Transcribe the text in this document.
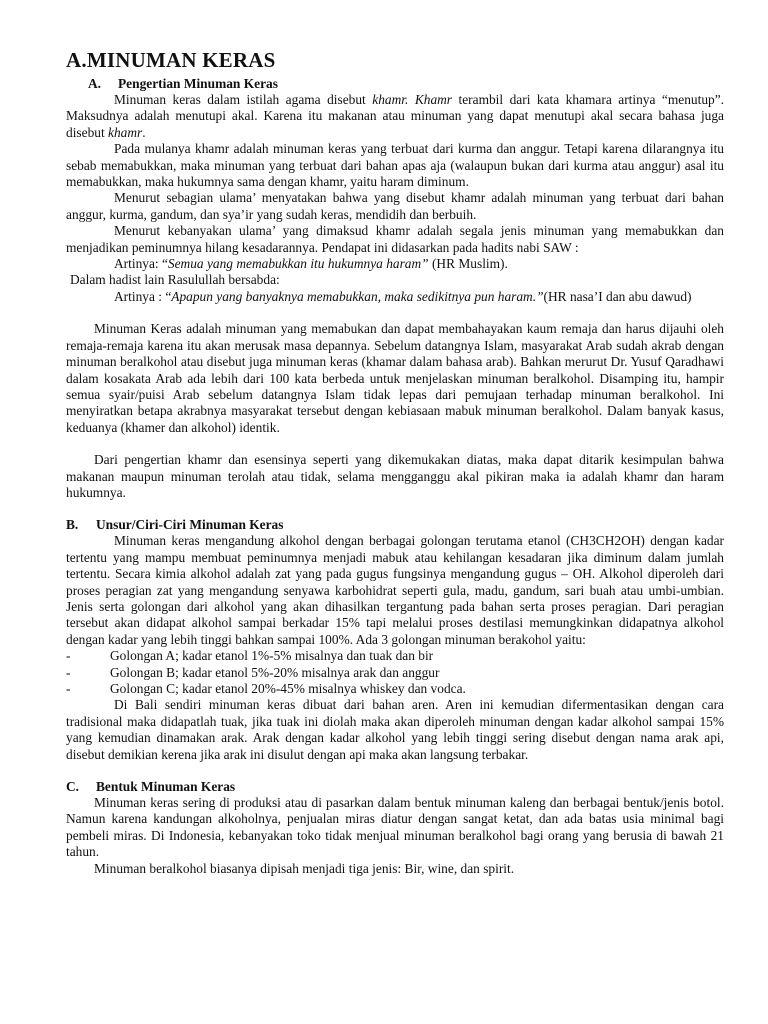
A.MINUMAN KERAS
A. Pengertian Minuman Keras

Minuman keras dalam istilah agama disebut khamr. Khamr terambil dari kata khamara artinya “menutup”. Maksudnya adalah menutupi akal. Karena itu makanan atau minuman yang dapat menutupi akal secara bahasa juga disebut khamr.

Pada mulanya khamr adalah minuman keras yang terbuat dari kurma dan anggur. Tetapi karena dilarangnya itu sebab memabukkan, maka minuman yang terbuat dari bahan apas aja (walaupun bukan dari kurma atau anggur) asal itu memabukkan, maka hukumnya sama dengan khamr, yaitu haram diminum.

Menurut sebagian ulama’ menyatakan bahwa yang disebut khamr adalah minuman yang terbuat dari bahan anggur, kurma, gandum, dan sya’ir yang sudah keras, mendidih dan berbuih.

Menurut kebanyakan ulama’ yang dimaksud khamr adalah segala jenis minuman yang memabukkan dan menjadikan peminumnya hilang kesadarannya. Pendapat ini didasarkan pada hadits nabi SAW :

Artinya: “Semua yang memabukkan itu hukumnya haram” (HR Muslim).

Dalam hadist lain Rasulullah bersabda:

Artinya : “Apapun yang banyaknya memabukkan, maka sedikitnya pun haram.”(HR nasa’I dan abu dawud)

Minuman Keras adalah minuman yang memabukan dan dapat membahayakan kaum remaja dan harus dijauhi oleh remaja-remaja karena itu akan merusak masa depannya. Sebelum datangnya Islam, masyarakat Arab sudah akrab dengan minuman beralkohol atau disebut juga minuman keras (khamar dalam bahasa arab). Bahkan merurut Dr. Yusuf Qaradhawi dalam kosakata Arab ada lebih dari 100 kata berbeda untuk menjelaskan minuman beralkohol. Disamping itu, hampir semua syair/puisi Arab sebelum datangnya Islam tidak lepas dari pemujaan terhadap minuman beralkohol. Ini menyiratkan betapa akrabnya masyarakat tersebut dengan kebiasaan mabuk minuman beralkohol. Dalam banyak kasus, keduanya (khamer dan alkohol) identik.

Dari pengertian khamr dan esensinya seperti yang dikemukakan diatas, maka dapat ditarik kesimpulan bahwa makanan maupun minuman terolah atau tidak, selama mengganggu akal pikiran maka ia adalah khamr dan haram hukumnya.

B. Unsur/Ciri-Ciri Minuman Keras

Minuman keras mengandung alkohol dengan berbagai golongan terutama etanol (CH3CH2OH) dengan kadar tertentu yang mampu membuat peminumnya menjadi mabuk atau kehilangan kesadaran jika diminum dalam jumlah tertentu. Secara kimia alkohol adalah zat yang pada gugus fungsinya mengandung gugus – OH. Alkohol diperoleh dari proses peragian zat yang mengandung senyawa karbohidrat seperti gula, madu, gandum, sari buah atau umbi-umbian. Jenis serta golongan dari alkohol yang akan dihasilkan tergantung pada bahan serta proses peragian. Dari peragian tersebut akan didapat alkohol sampai berkadar 15% tapi melalui proses destilasi memungkinkan didapatnya alkohol dengan kadar yang lebih tinggi bahkan sampai 100%. Ada 3 golongan minuman berakohol yaitu:

-	Golongan A; kadar etanol 1%-5% misalnya dan tuak dan bir
-	Golongan B; kadar etanol 5%-20% misalnya arak dan anggur
-	Golongan C; kadar etanol 20%-45% misalnya whiskey dan vodca.

Di Bali sendiri minuman keras dibuat dari bahan aren. Aren ini kemudian difermentasikan dengan cara tradisional maka didapatlah tuak, jika tuak ini diolah maka akan diperoleh minuman dengan kadar alkohol sampai 15% yang kemudian dinamakan arak. Arak dengan kadar alkohol yang lebih tinggi sering disebut dengan nama arak api, disebut demikian kerena jika arak ini disulut dengan api maka akan langsung terbakar.

C. Bentuk Minuman Keras

Minuman keras sering di produksi atau di pasarkan dalam bentuk minuman kaleng dan berbagai bentuk/jenis botol. Namun karena kandungan alkoholnya, penjualan miras diatur dengan sangat ketat, dan ada batas usia minimal bagi pembeli miras. Di Indonesia, kebanyakan toko tidak menjual minuman beralkohol bagi orang yang berusia di bawah 21 tahun.

Minuman beralkohol biasanya dipisah menjadi tiga jenis: Bir, wine, dan spirit.
